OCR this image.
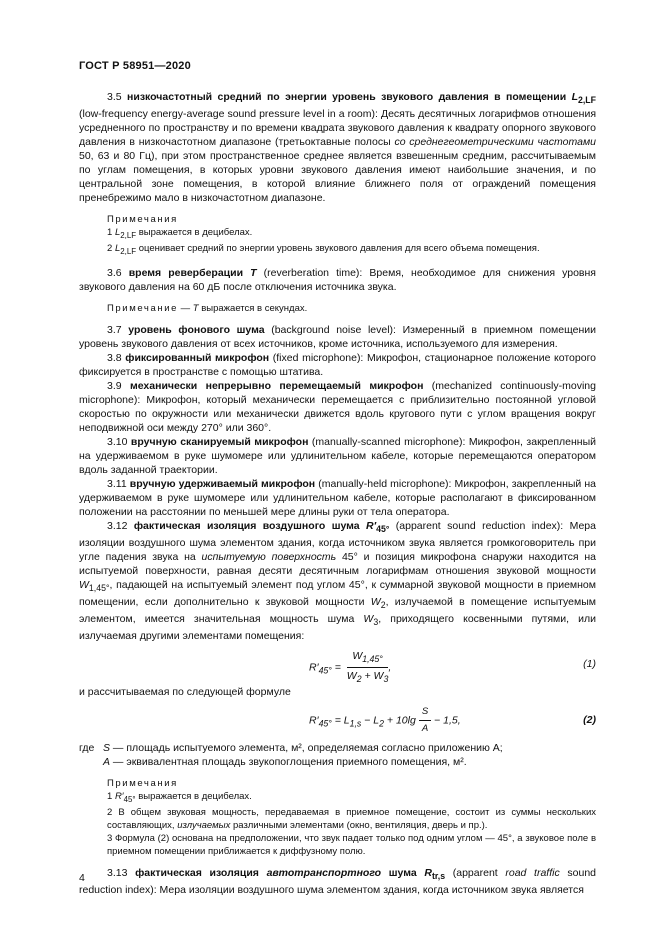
ГОСТ Р 58951—2020

3.5 низкочастотный средний по энергии уровень звукового давления в помещении $L_{2,LF}$ (low-frequency energy-average sound pressure level in a room): Десять десятичных логарифмов отношения усредненного по пространству и по времени квадрата звукового давления к квадрату опорного звукового давления в низкочастотном диапазоне (третьоктавные полосы со среднегеометрическими частотами 50, 63 и 80 Гц), при этом пространственное среднее является взвешенным средним, рассчитываемым по углам помещения, в которых уровни звукового давления имеют наибольшие значения, и по центральной зоне помещения, в которой влияние ближнего поля от ограждений помещения пренебрежимо мало в низкочастотном диапазоне.

Примечания
1 $L_{2,LF}$ выражается в децибелах.
2 $L_{2,LF}$ оценивает средний по энергии уровень звукового давления для всего объема помещения.

3.6 время реверберации T (reverberation time): Время, необходимое для снижения уровня звукового давления на 60 дБ после отключения источника звука.

Примечание — T выражается в секундах.

3.7 уровень фонового шума (background noise level): Измеренный в приемном помещении уровень звукового давления от всех источников, кроме источника, используемого для измерения.

3.8 фиксированный микрофон (fixed microphone): Микрофон, стационарное положение которого фиксируется в пространстве с помощью штатива.

3.9 механически непрерывно перемещаемый микрофон (mechanized continuously-moving microphone): Микрофон, который механически перемещается с приблизительно постоянной угловой скоростью по окружности или механически движется вдоль кругового пути с углом вращения вокруг неподвижной оси между 270° или 360°.

3.10 вручную сканируемый микрофон (manually-scanned microphone): Микрофон, закрепленный на удерживаемом в руке шумомере или удлинительном кабеле, которые перемещаются оператором вдоль заданной траектории.

3.11 вручную удерживаемый микрофон (manually-held microphone): Микрофон, закрепленный на удерживаемом в руке шумомере или удлинительном кабеле, которые располагают в фиксированном положении на расстоянии по меньшей мере длины руки от тела оператора.

3.12 фактическая изоляция воздушного шума $R'_{45^\circ}$ (apparent sound reduction index): Мера изоляции воздушного шума элементом здания, когда источником звука является громкоговоритель при угле падения звука на испытуемую поверхность 45° и позиция микрофона снаружи находится на испытуемой поверхности, равная десяти десятичным логарифмам отношения звуковой мощности $W_{1,45^\circ}$, падающей на испытуемый элемент под углом 45°, к суммарной звуковой мощности в приемном помещении, если дополнительно к звуковой мощности $W_2$, излучаемой в помещение испытуемым элементом, имеется значительная мощность шума $W_3$, приходящего косвенными путями, или излучаемая другими элементами помещения:

$R'_{45^\circ} = \frac{W_{1,45^\circ}}{W_2 + W_3}$ ,	(1)

и рассчитываемая по следующей формуле

$R'_{45^\circ} = L_{1,s} - L_2 + 10\lg \frac{S}{A} - 1,5$,	(2)
где S — площадь испытуемого элемента, м², определяемая согласно приложению А;
A — эквивалентная площадь звукопоглощения приемного помещения, м².
Примечания
1 $R'_{45^\circ}$ выражается в децибелах.
2 В общем звуковая мощность, передаваемая в приемное помещение, состоит из суммы нескольких составляющих, излучаемых различными элементами (окно, вентиляция, дверь и пр.).
3 Формула (2) основана на предположении, что звук падает только под одним углом — 45°, а звуковое поле в приемном помещении приближается к диффузному полю.

3.13 фактическая изоляция автотранспортного шума $R_{tr,s}$ (apparent road traffic sound reduction index): Мера изоляции воздушного шума элементом здания, когда источником звука является

4
